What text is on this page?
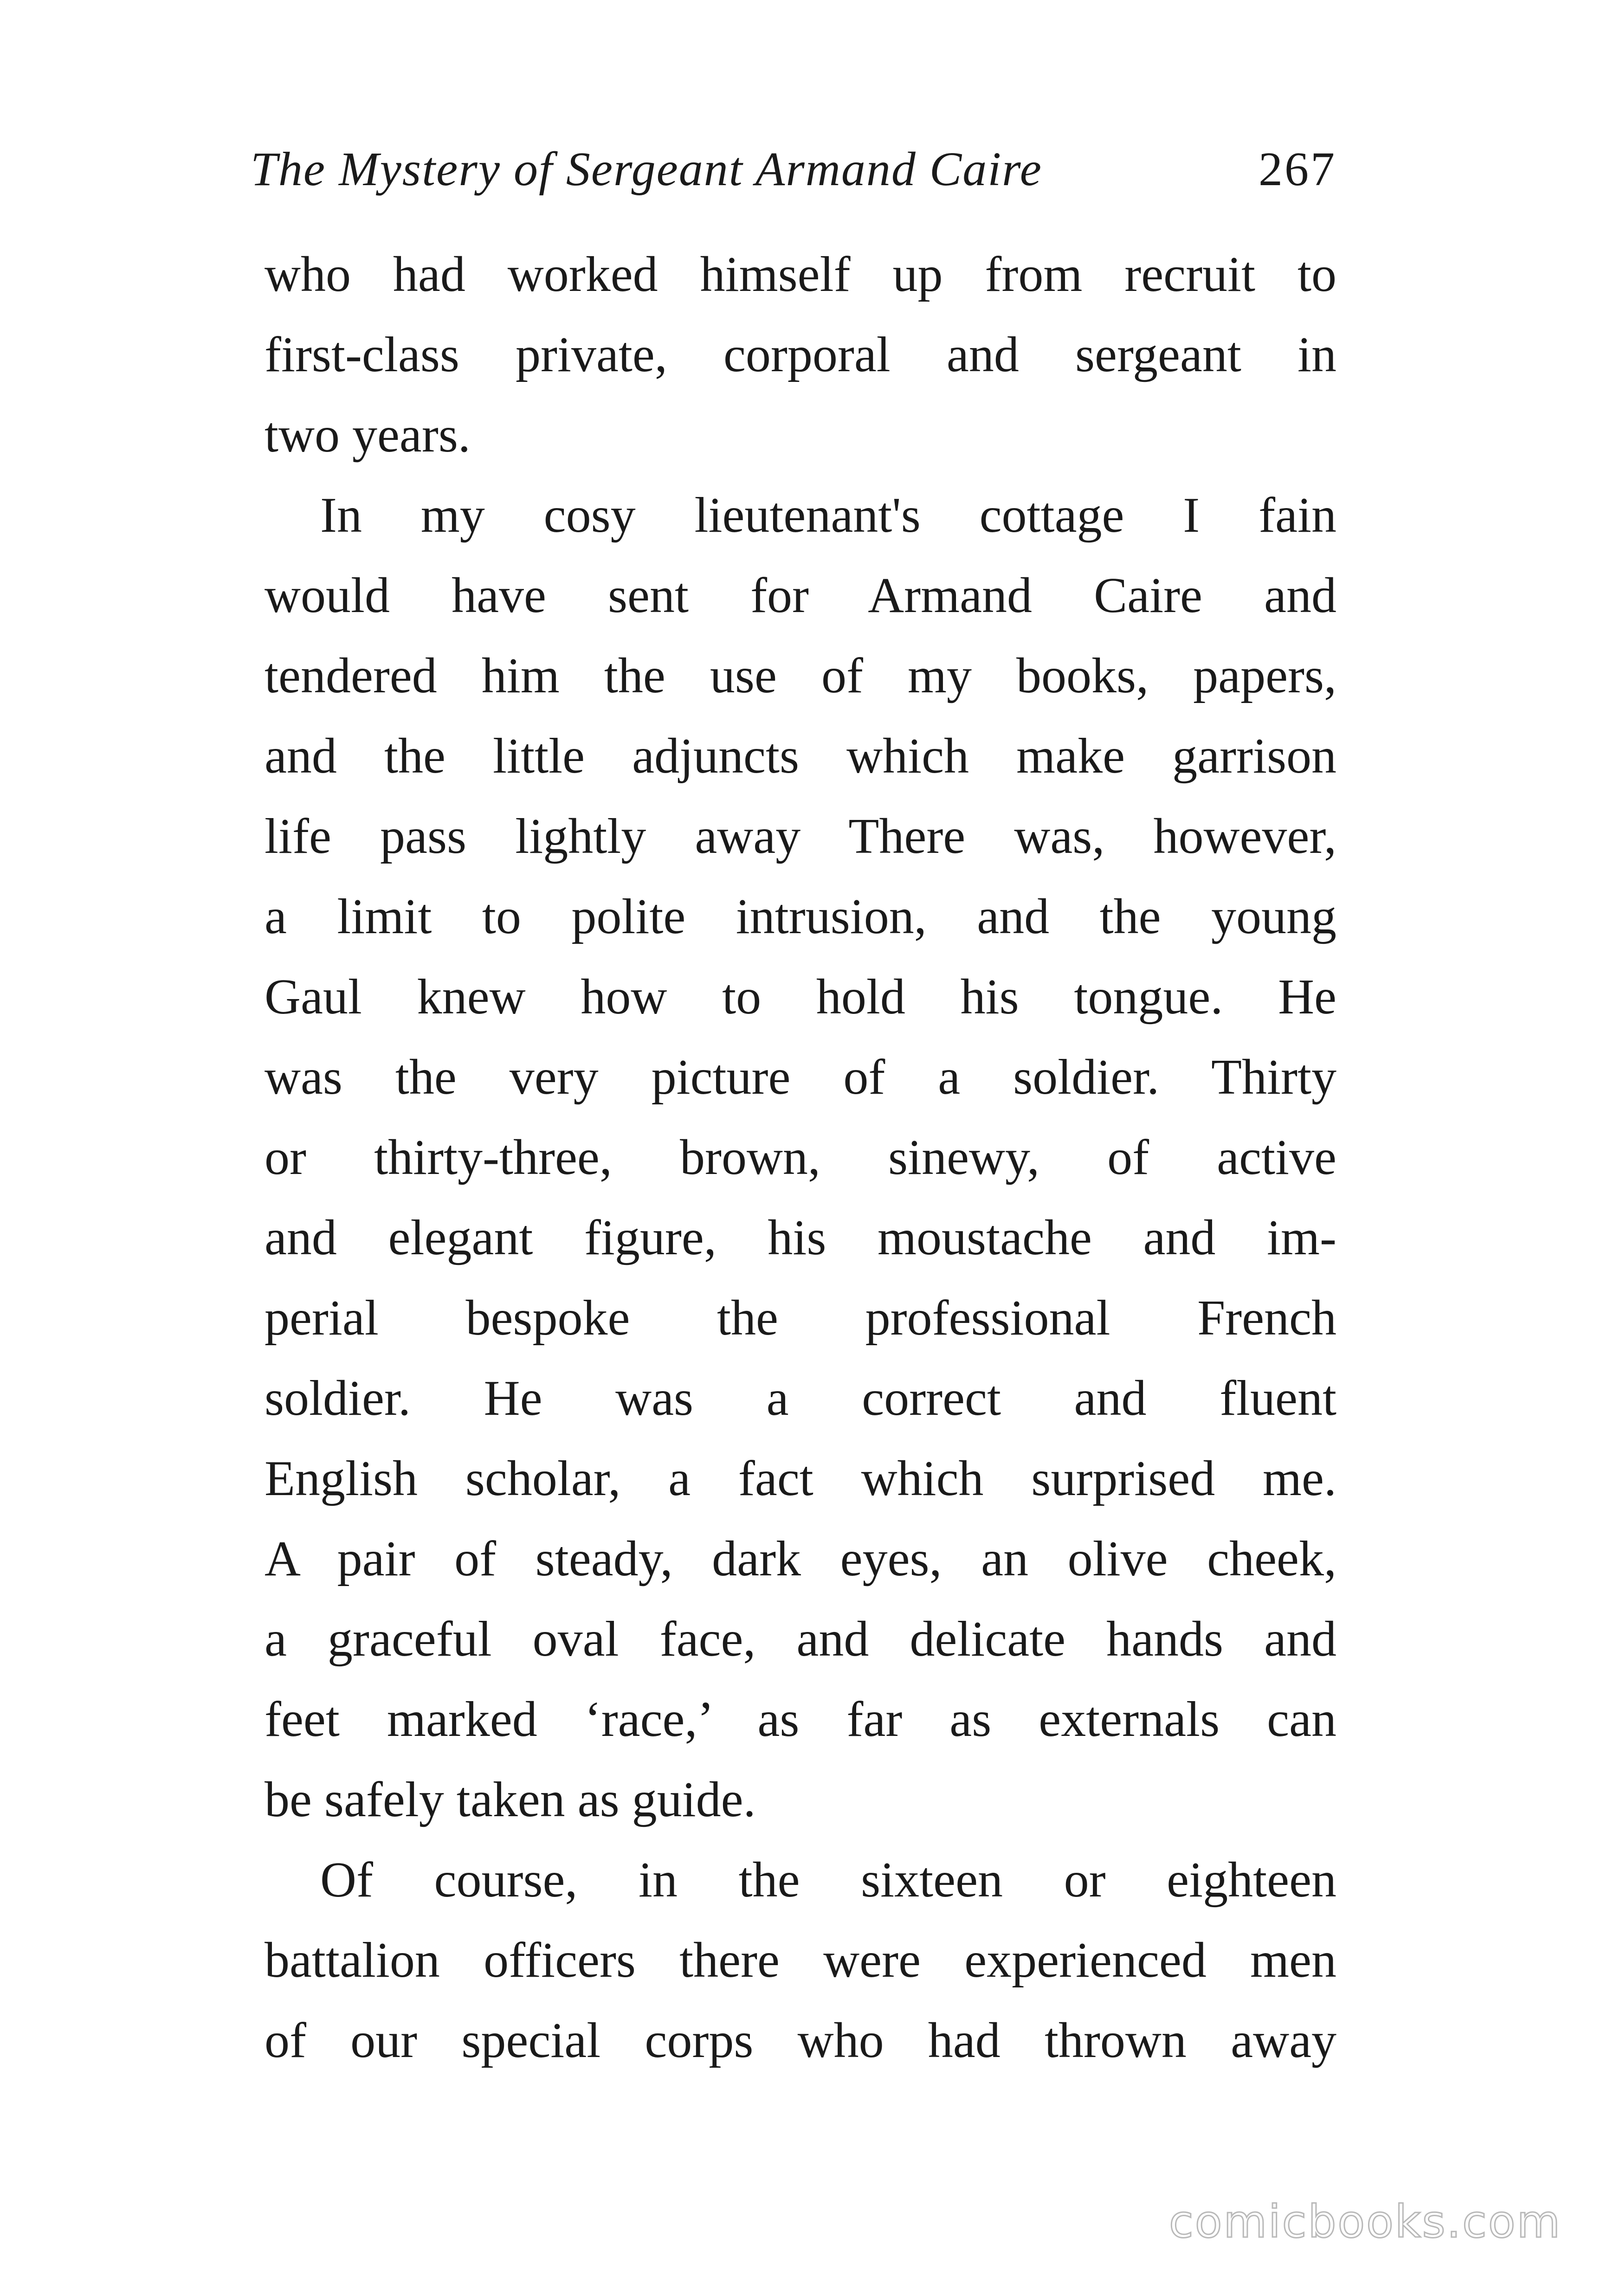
The Mystery of Sergeant Armand Caire	267
who had worked himself up from recruit to
first-class private, corporal and sergeant in
two years.
In my cosy lieutenant's cottage I fain
would have sent for Armand Caire and
tendered him the use of my books, papers,
and the little adjuncts which make garrison
life pass lightly away There was, however,
a limit to polite intrusion, and the young
Gaul knew how to hold his tongue. He
was the very picture of a soldier. Thirty
or thirty-three, brown, sinewy, of active
and elegant figure, his moustache and im-
perial bespoke the professional French
soldier. He was a correct and fluent
English scholar, a fact which surprised me.
A pair of steady, dark eyes, an olive cheek,
a graceful oval face, and delicate hands and
feet marked ‘race,’ as far as externals can
be safely taken as guide.
Of course, in the sixteen or eighteen
battalion officers there were experienced men
of our special corps who had thrown away
comicbooks.com
